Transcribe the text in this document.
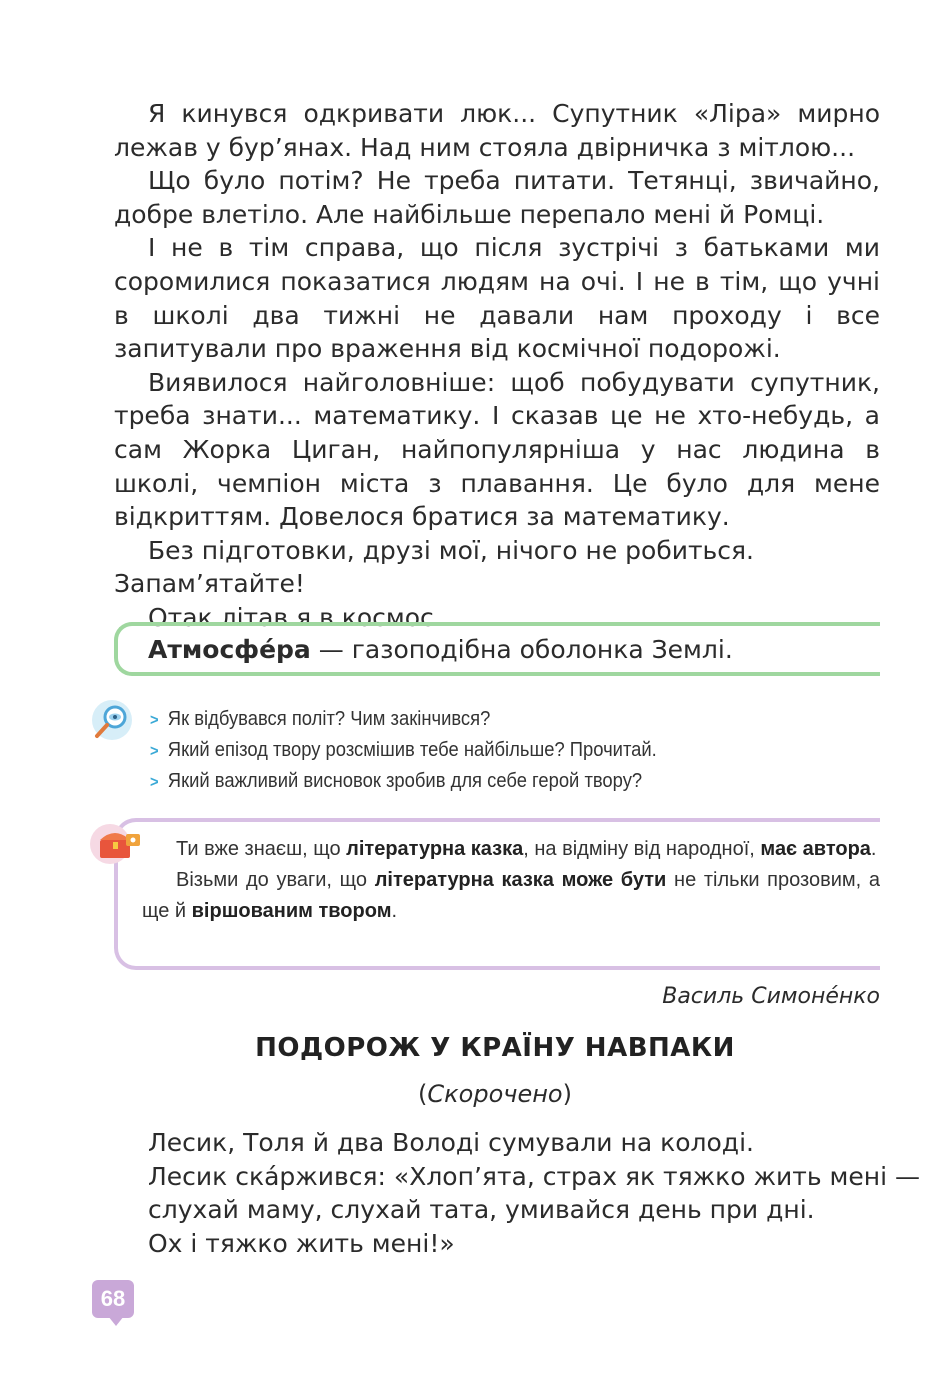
Я кинувся одкривати люк... Супутник «Ліра» мирно лежав у бур’янах. Над ним стояла двірничка з мітлою...

Що було потім? Не треба питати. Тетянці, звичайно, добре влетіло. Але найбільше перепало мені й Ромці.

І не в тім справа, що після зустрічі з батьками ми соромилися показатися людям на очі. І не в тім, що учні в школі два тижні не давали нам проходу і все запитували про враження від космічної подорожі.

Виявилося найголовніше: щоб побудувати супутник, треба знати... математику. І сказав це не хто-небудь, а сам Жорка Циган, найпопулярніша у нас людина в школі, чемпіон міста з плавання. Це було для мене відкриттям. Довелося братися за математику.

Без підготовки, друзі мої, нічого не робиться. Запам’ятайте!

Отак літав я в космос.

Атмосфе́ра — газоподібна оболонка Землі.
> Як відбувався політ? Чим закінчився?
> Який епізод твору розсмішив тебе найбільше? Прочитай.
> Який важливий висновок зробив для себе герой твору?

Ти вже знаєш, що літературна казка, на відміну від народної, має автора.

Візьми до уваги, що літературна казка може бути не тільки прозовим, а ще й віршованим твором.

Василь Симоне́нко
ПОДОРОЖ У КРАЇНУ НАВПАКИ
(Скорочено)
Лесик, Толя й два Володі сумували на колоді.
Лесик ска́ржився: «Хлоп’ята, страх як тяжко жить мені —
слухай маму, слухай тата, умивайся день при дні.
Ох і тяжко жить мені!»
68
